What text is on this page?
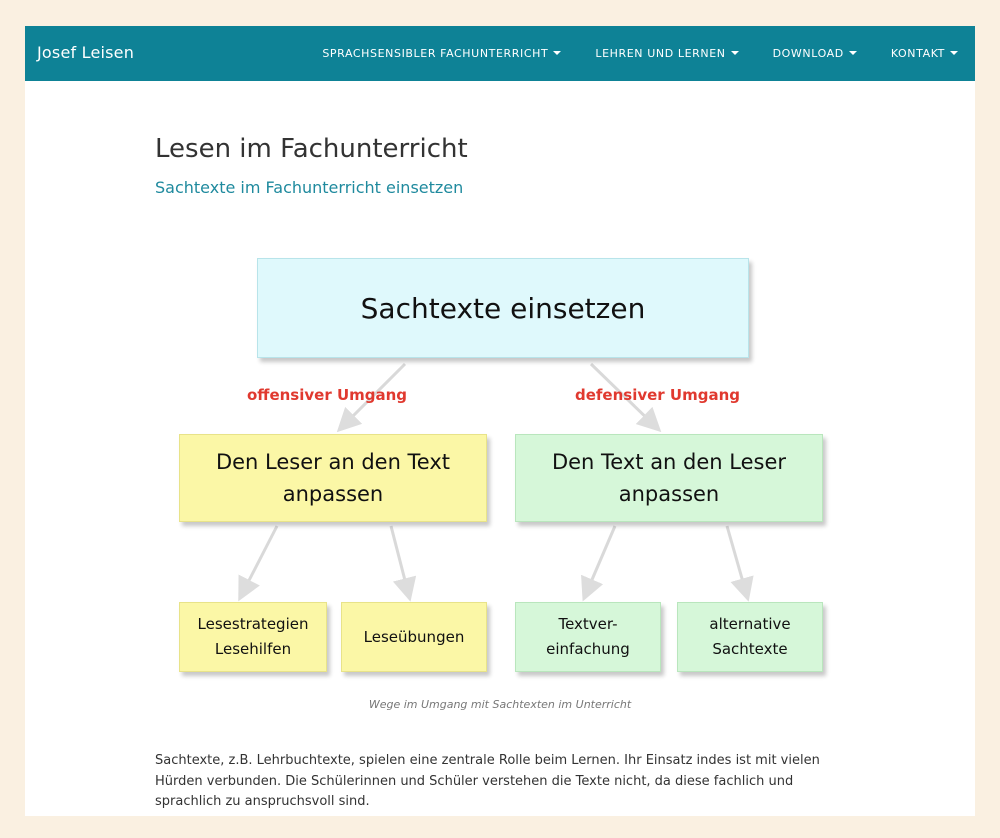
Josef Leisen	SPRACHSENSIBLER FACHUNTERRICHT	LEHREN UND LERNEN	DOWNLOAD	KONTAKT
Lesen im Fachunterricht
Sachtexte im Fachunterricht einsetzen
Sachtexte einsetzen
offensiver Umgang	defensiver Umgang
Den Leser an den Text
anpassen
Den Text an den Leser
anpassen
Lesestrategien
Lesehilfen
Leseübungen
Textver-
einfachung
alternative
Sachtexte
Wege im Umgang mit Sachtexten im Unterricht
Sachtexte, z.B. Lehrbuchtexte, spielen eine zentrale Rolle beim Lernen. Ihr Einsatz indes ist mit vielen Hürden verbunden. Die Schülerinnen und Schüler verstehen die Texte nicht, da diese fachlich und sprachlich zu anspruchsvoll sind.
